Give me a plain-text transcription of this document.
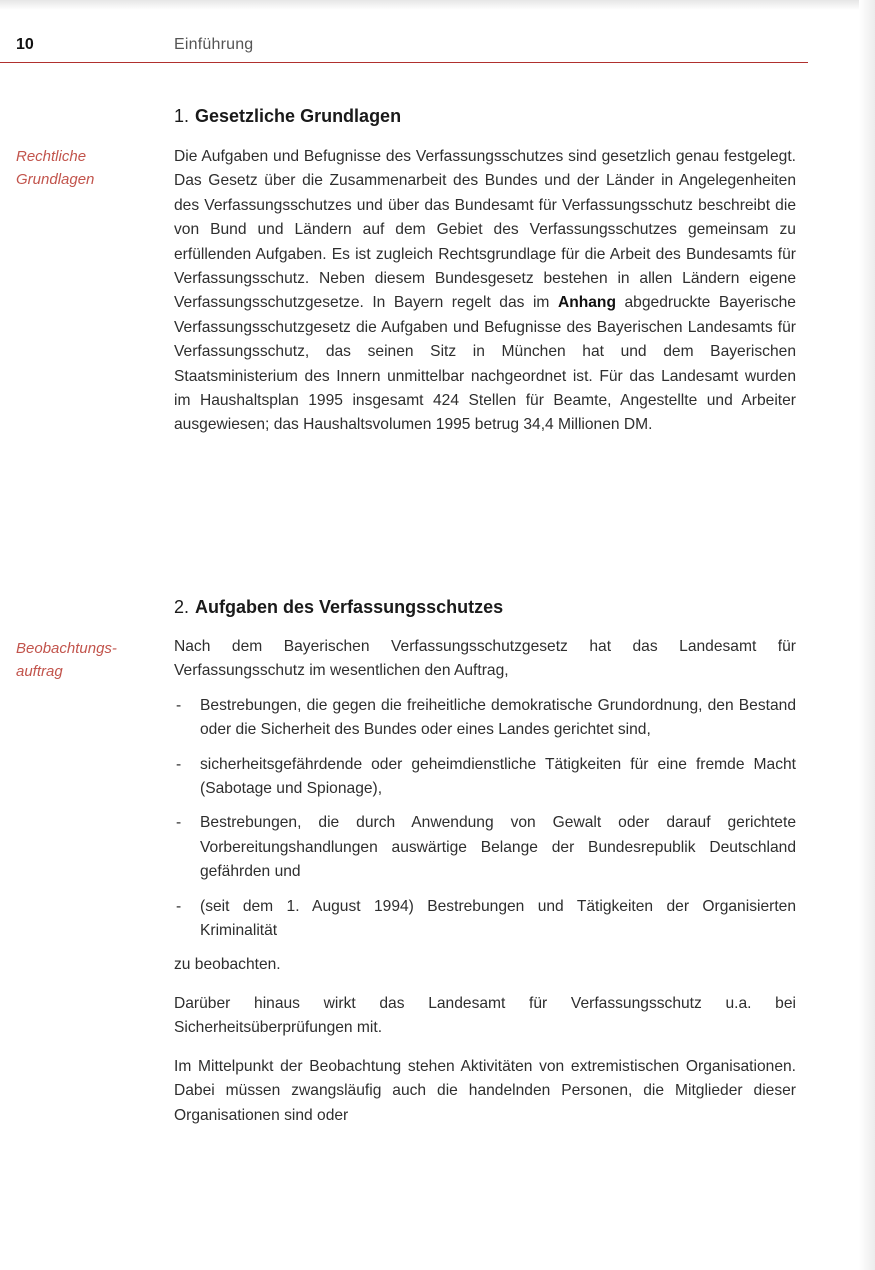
10	Einführung
Rechtliche
Grundlagen
1. Gesetzliche Grundlagen

Die Aufgaben und Befugnisse des Verfassungsschutzes sind gesetzlich genau festgelegt. Das Gesetz über die Zusammenarbeit des Bundes und der Länder in Angelegenheiten des Verfassungsschutzes und über das Bundesamt für Verfassungsschutz beschreibt die von Bund und Ländern auf dem Gebiet des Verfassungsschutzes gemeinsam zu erfüllenden Aufgaben. Es ist zugleich Rechtsgrundlage für die Arbeit des Bundesamts für Verfassungsschutz. Neben diesem Bundesgesetz bestehen in allen Ländern eigene Verfassungsschutzgesetze. In Bayern regelt das im Anhang abgedruckte Bayerische Verfassungsschutzgesetz die Aufgaben und Befugnisse des Bayerischen Landesamts für Verfassungsschutz, das seinen Sitz in München hat und dem Bayerischen Staatsministerium des Innern unmittelbar nachgeordnet ist. Für das Landesamt wurden im Haushaltsplan 1995 insgesamt 424 Stellen für Beamte, Angestellte und Arbeiter ausgewiesen; das Haushaltsvolumen 1995 betrug 34,4 Millionen DM.

Beobachtungs-
auftrag
2. Aufgaben des Verfassungsschutzes

Nach dem Bayerischen Verfassungsschutzgesetz hat das Landesamt für Verfassungsschutz im wesentlichen den Auftrag,

- Bestrebungen, die gegen die freiheitliche demokratische Grundordnung, den Bestand oder die Sicherheit des Bundes oder eines Landes gerichtet sind,
- sicherheitsgefährdende oder geheimdienstliche Tätigkeiten für eine fremde Macht (Sabotage und Spionage),
- Bestrebungen, die durch Anwendung von Gewalt oder darauf gerichtete Vorbereitungshandlungen auswärtige Belange der Bundesrepublik Deutschland gefährden und
- (seit dem 1. August 1994) Bestrebungen und Tätigkeiten der Organisierten Kriminalität

zu beobachten.

Darüber hinaus wirkt das Landesamt für Verfassungsschutz u.a. bei Sicherheitsüberprüfungen mit.

Im Mittelpunkt der Beobachtung stehen Aktivitäten von extremistischen Organisationen. Dabei müssen zwangsläufig auch die handelnden Personen, die Mitglieder dieser Organisationen sind oder
